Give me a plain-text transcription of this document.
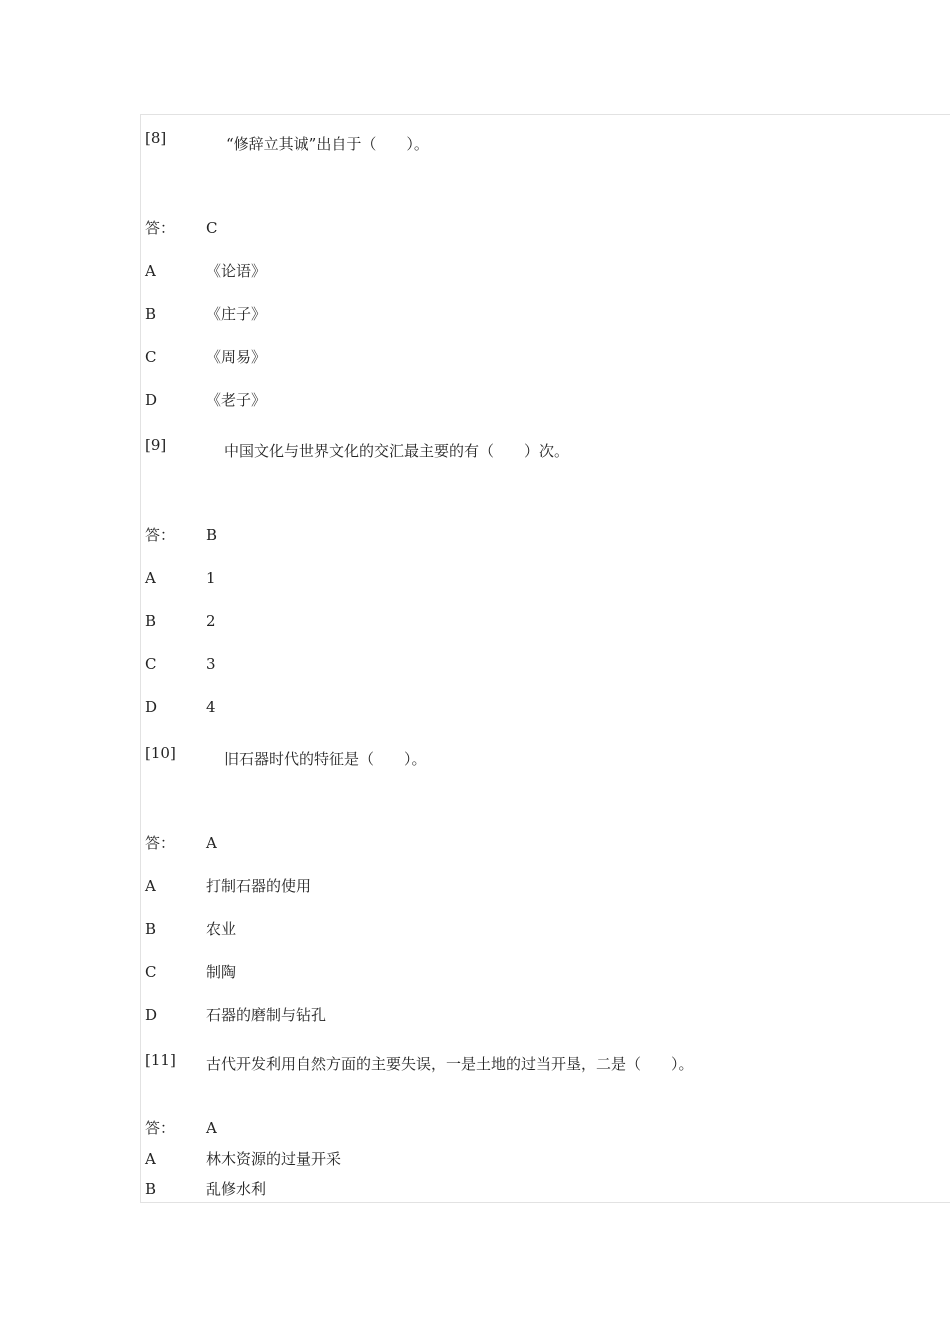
[8]	“修辞立其诚”出自于（　　）。
答： C
A	《论语》
B	《庄子》
C	《周易》
D	《老子》
[9]	中国文化与世界文化的交汇最主要的有（　　）次。
答： B
A	1
B	2
C	3
D	4
[10]	旧石器时代的特征是（　　）。
答： A
A	打制石器的使用
B	农业
C	制陶
D	石器的磨制与钻孔
[11] 古代开发利用自然方面的主要失误，一是土地的过当开垦，二是（　　）。
答： A
A	林木资源的过量开采
B	乱修水利
